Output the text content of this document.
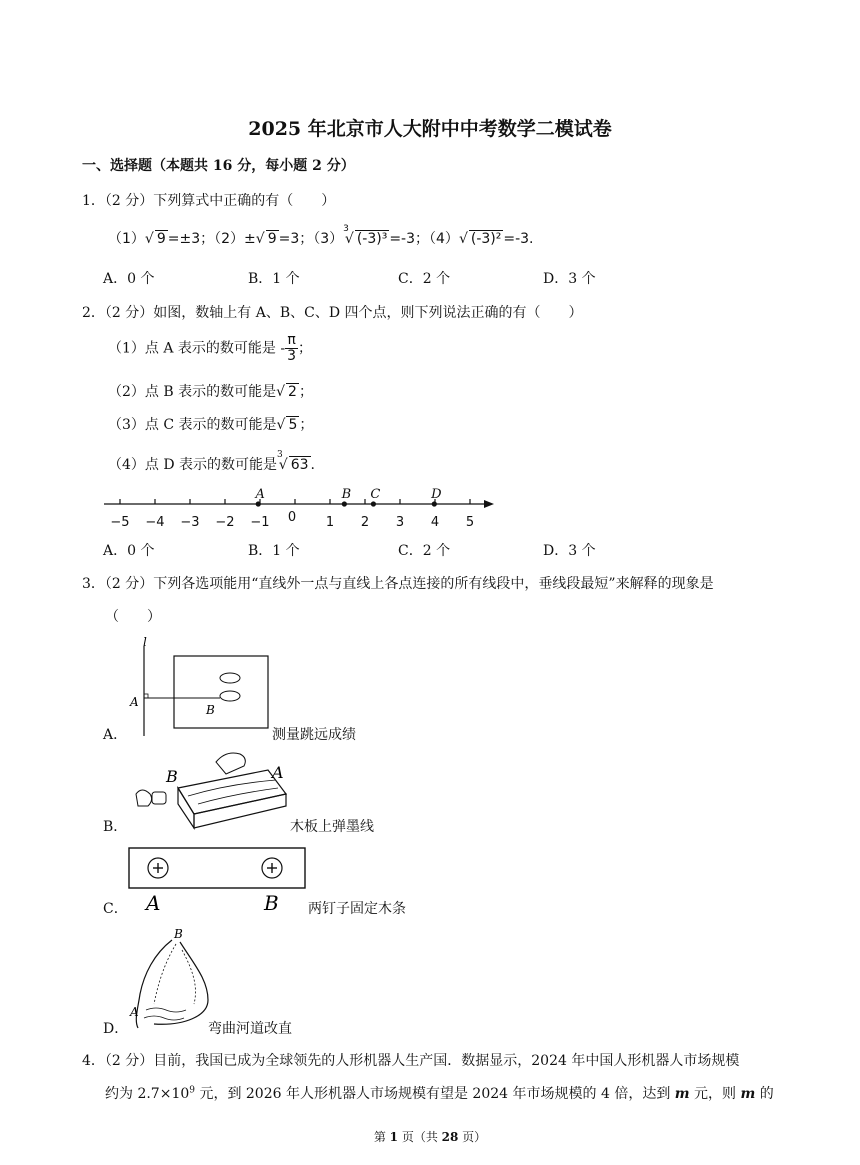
2025 年北京市人大附中中考数学二模试卷
一、选择题（本题共 16 分，每小题 2 分）
1．（2 分）下列算式中正确的有（　　）
（1）√ 9 =±3；（2）±√ 9 =3；$(3)^3√$ (-3)³ =-3；（4）√ (-3)² =-3.
A．0 个	B．1 个	C．2 个	D．3 个
2．（2 分）如图，数轴上有 A、B、C、D 四个点，则下列说法正确的有（　　）
（1）点 A 表示的数可能是 - $\frac{\pi}{3}$ ；
（2）点 B 表示的数可能是√ 2 ；
（3）点 C 表示的数可能是√ 5 ；
（4）点 D 表示的数可能是$^3$√ 63 .
−5 −4 −3 −2 −1 0 1 2 3 4 5
A	B C	D
A．0 个	B．1 个	C．2 个	D．3 个
3．（2 分）下列各选项能用“直线外一点与直线上各点连接的所有线段中，垂线段最短”来解释的现象是
（　　）
A．
l
A
B
测量跳远成绩
B．
B	A
木板上弹墨线
C． A	B 两钉子固定木条
D．
B
A
弯曲河道改直
4．（2 分）目前，我国已成为全球领先的人形机器人生产国．数据显示，2024 年中国人形机器人市场规模
约为 $2.7\times 10^9$ 元，到 2026 年人形机器人市场规模有望是 2024 年市场规模的 4 倍，达到 m 元，则 m 的
第 1 页（共 28 页）
